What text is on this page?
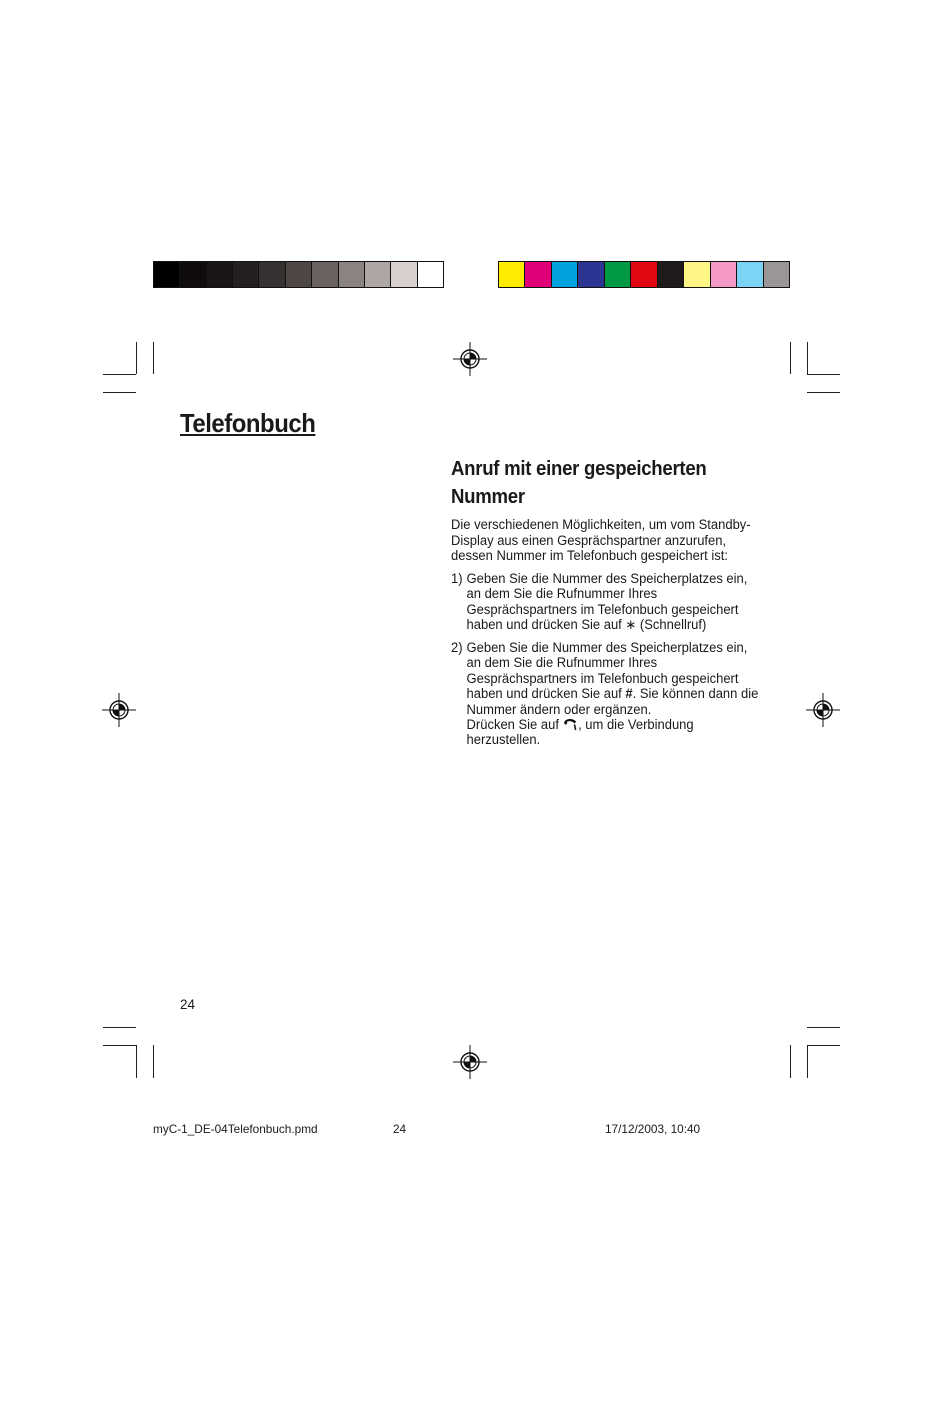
Telefonbuch
Anruf mit einer gespeicherten Nummer
Die verschiedenen Möglichkeiten, um vom Standby-Display aus einen Gesprächspartner anzurufen, dessen Nummer im Telefonbuch gespeichert ist:
1) Geben Sie die Nummer des Speicherplatzes ein, an dem Sie die Rufnummer Ihres Gesprächspartners im Telefonbuch gespeichert haben und drücken Sie auf ∗ (Schnellruf)
2) Geben Sie die Nummer des Speicherplatzes ein, an dem Sie die Rufnummer Ihres Gesprächspartners im Telefonbuch gespeichert haben und drücken Sie auf #. Sie können dann die Nummer ändern oder ergänzen.
Drücken Sie auf , um die Verbindung herzustellen.
24
myC-1_DE-04Telefonbuch.pmd	24	17/12/2003, 10:40
